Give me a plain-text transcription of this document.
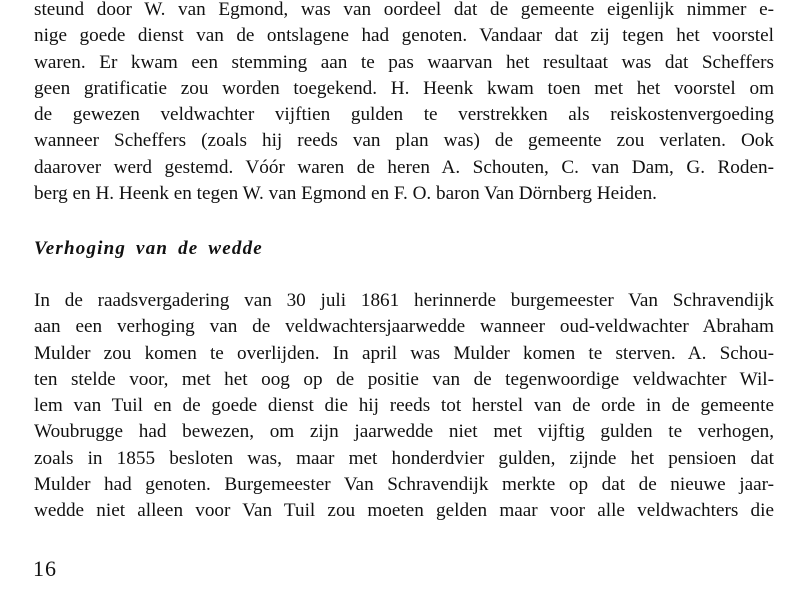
steund door W. van Egmond, was van oordeel dat de gemeente eigenlijk nimmer e-
nige goede dienst van de ontslagene had genoten. Vandaar dat zij tegen het voorstel
waren. Er kwam een stemming aan te pas waarvan het resultaat was dat Scheffers
geen gratificatie zou worden toegekend. H. Heenk kwam toen met het voorstel om
de gewezen veldwachter vijftien gulden te verstrekken als reiskostenvergoeding
wanneer Scheffers (zoals hij reeds van plan was) de gemeente zou verlaten. Ook
daarover werd gestemd. Vóór waren de heren A. Schouten, C. van Dam, G. Roden-
berg en H. Heenk en tegen W. van Egmond en F. O. baron Van Dörnberg Heiden.
Verhoging van de wedde
In de raadsvergadering van 30 juli 1861 herinnerde burgemeester Van Schravendijk
aan een verhoging van de veldwachtersjaarwedde wanneer oud-veldwachter Abraham
Mulder zou komen te overlijden. In april was Mulder komen te sterven. A. Schou-
ten stelde voor, met het oog op de positie van de tegenwoordige veldwachter Wil-
lem van Tuil en de goede dienst die hij reeds tot herstel van de orde in de gemeente
Woubrugge had bewezen, om zijn jaarwedde niet met vijftig gulden te verhogen,
zoals in 1855 besloten was, maar met honderdvier gulden, zijnde het pensioen dat
Mulder had genoten. Burgemeester Van Schravendijk merkte op dat de nieuwe jaar-
wedde niet alleen voor Van Tuil zou moeten gelden maar voor alle veldwachters die
16
